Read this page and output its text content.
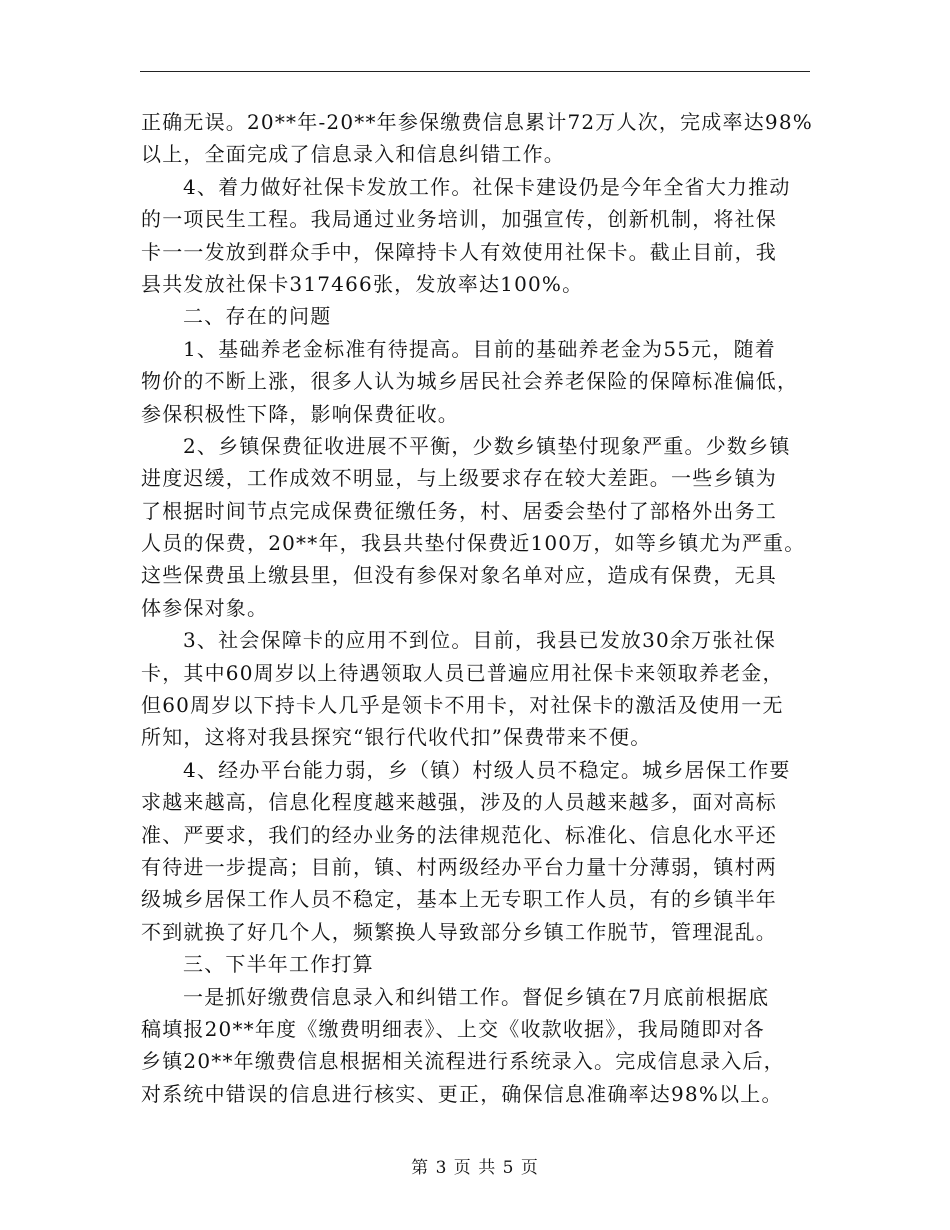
正确无误。20**年-20**年参保缴费信息累计72万人次，完成率达98%
以上，全面完成了信息录入和信息纠错工作。
4、着力做好社保卡发放工作。社保卡建设仍是今年全省大力推动
的一项民生工程。我局通过业务培训，加强宣传，创新机制，将社保
卡一一发放到群众手中，保障持卡人有效使用社保卡。截止目前，我
县共发放社保卡317466张，发放率达100%。
二、存在的问题
1、基础养老金标准有待提高。目前的基础养老金为55元，随着
物价的不断上涨，很多人认为城乡居民社会养老保险的保障标准偏低，
参保积极性下降，影响保费征收。
2、乡镇保费征收进展不平衡，少数乡镇垫付现象严重。少数乡镇
进度迟缓，工作成效不明显，与上级要求存在较大差距。一些乡镇为
了根据时间节点完成保费征缴任务，村、居委会垫付了部格外出务工
人员的保费，20**年，我县共垫付保费近100万，如等乡镇尤为严重。
这些保费虽上缴县里，但没有参保对象名单对应，造成有保费，无具
体参保对象。
3、社会保障卡的应用不到位。目前，我县已发放30余万张社保
卡，其中60周岁以上待遇领取人员已普遍应用社保卡来领取养老金，
但60周岁以下持卡人几乎是领卡不用卡，对社保卡的激活及使用一无
所知，这将对我县探究“银行代收代扣”保费带来不便。
4、经办平台能力弱，乡（镇）村级人员不稳定。城乡居保工作要
求越来越高，信息化程度越来越强，涉及的人员越来越多，面对高标
准、严要求，我们的经办业务的法律规范化、标准化、信息化水平还
有待进一步提高；目前，镇、村两级经办平台力量十分薄弱，镇村两
级城乡居保工作人员不稳定，基本上无专职工作人员，有的乡镇半年
不到就换了好几个人，频繁换人导致部分乡镇工作脱节，管理混乱。
三、下半年工作打算
一是抓好缴费信息录入和纠错工作。督促乡镇在7月底前根据底
稿填报20**年度《缴费明细表》、上交《收款收据》，我局随即对各
乡镇20**年缴费信息根据相关流程进行系统录入。完成信息录入后，
对系统中错误的信息进行核实、更正，确保信息准确率达98%以上。
第 3 页 共 5 页
